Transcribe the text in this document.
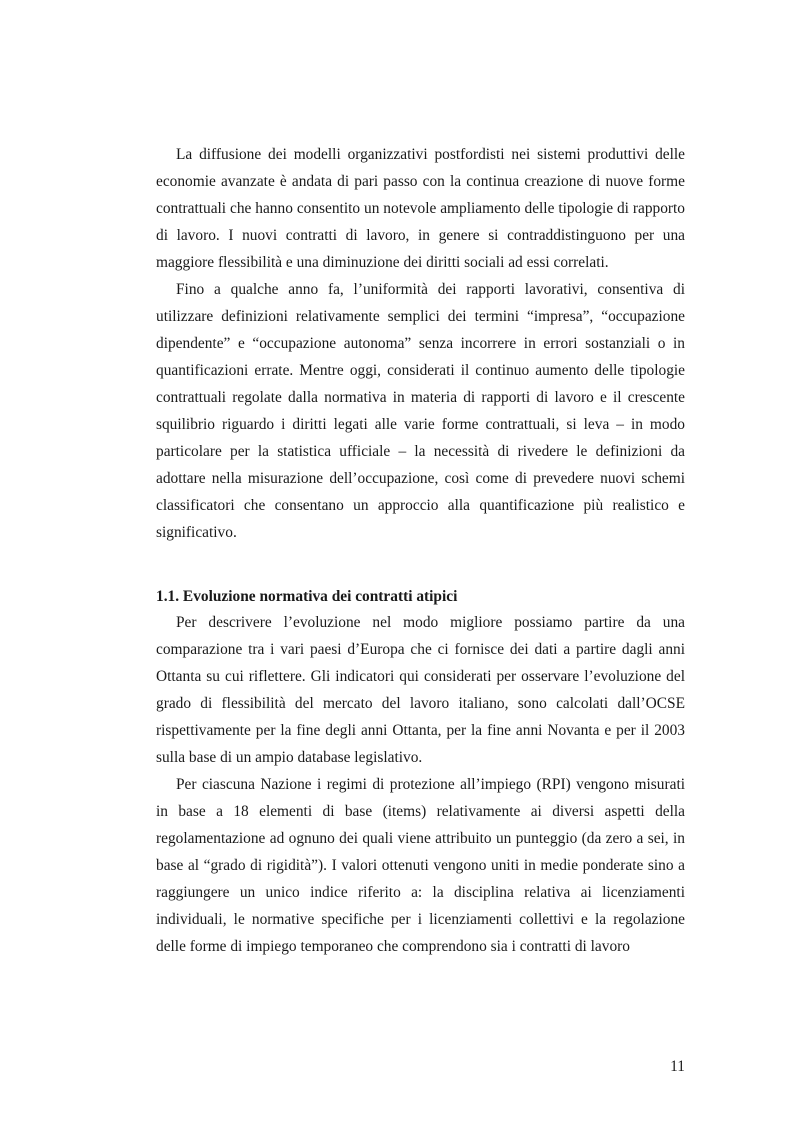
La diffusione dei modelli organizzativi postfordisti nei sistemi produttivi delle economie avanzate è andata di pari passo con la continua creazione di nuove forme contrattuali che hanno consentito un notevole ampliamento delle tipologie di rapporto di lavoro. I nuovi contratti di lavoro, in genere si contraddistinguono per una maggiore flessibilità e una diminuzione dei diritti sociali ad essi correlati.

Fino a qualche anno fa, l’uniformità dei rapporti lavorativi, consentiva di utilizzare definizioni relativamente semplici dei termini “impresa”, “occupazione dipendente” e “occupazione autonoma” senza incorrere in errori sostanziali o in quantificazioni errate. Mentre oggi, considerati il continuo aumento delle tipologie contrattuali regolate dalla normativa in materia di rapporti di lavoro e il crescente squilibrio riguardo i diritti legati alle varie forme contrattuali, si leva – in modo particolare per la statistica ufficiale – la necessità di rivedere le definizioni da adottare nella misurazione dell’occupazione, così come di prevedere nuovi schemi classificatori che consentano un approccio alla quantificazione più realistico e significativo.

1.1. Evoluzione normativa dei contratti atipici

Per descrivere l’evoluzione nel modo migliore possiamo partire da una comparazione tra i vari paesi d’Europa che ci fornisce dei dati a partire dagli anni Ottanta su cui riflettere. Gli indicatori qui considerati per osservare l’evoluzione del grado di flessibilità del mercato del lavoro italiano, sono calcolati dall’OCSE rispettivamente per la fine degli anni Ottanta, per la fine anni Novanta e per il 2003 sulla base di un ampio database legislativo.

Per ciascuna Nazione i regimi di protezione all’impiego (RPI) vengono misurati in base a 18 elementi di base (items) relativamente ai diversi aspetti della regolamentazione ad ognuno dei quali viene attribuito un punteggio (da zero a sei, in base al “grado di rigidità”). I valori ottenuti vengono uniti in medie ponderate sino a raggiungere un unico indice riferito a: la disciplina relativa ai licenziamenti individuali, le normative specifiche per i licenziamenti collettivi e la regolazione delle forme di impiego temporaneo che comprendono sia i contratti di lavoro

11
